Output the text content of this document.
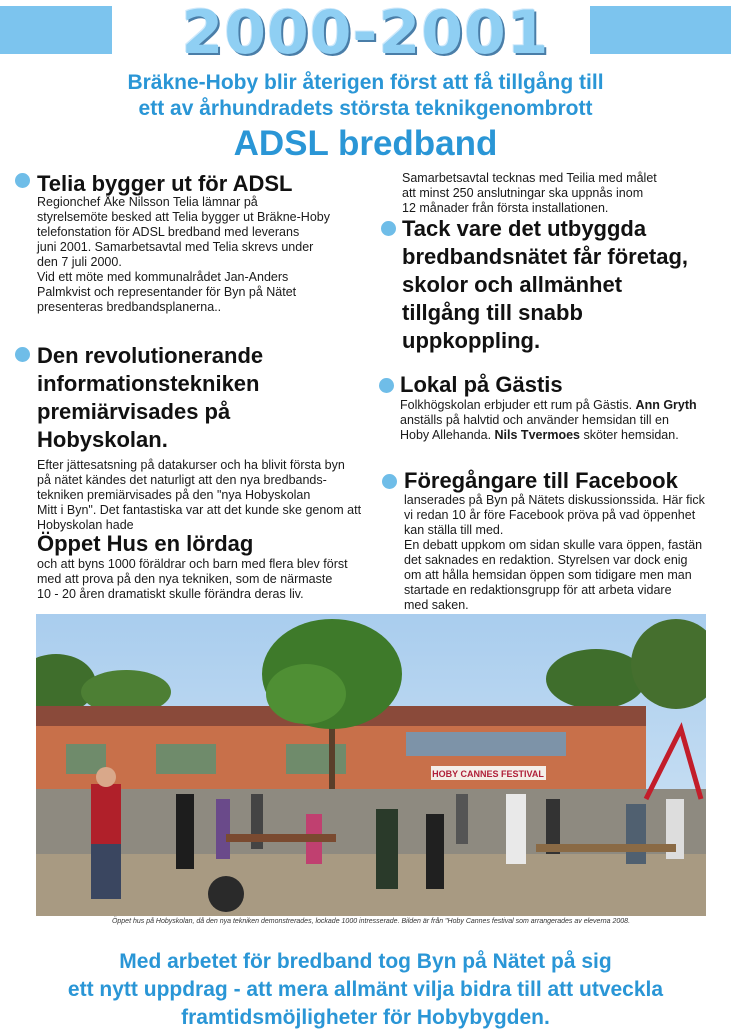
2000-2001
Bräkne-Hoby blir återigen först att få tillgång till
ett av århundradets största teknikgenombrott
ADSL bredband
Telia bygger ut för ADSL
Regionchef Åke Nilsson Telia lämnar på
styrelsemöte besked att Telia bygger ut Bräkne-Hoby
telefonstation för ADSL bredband med leverans
juni 2001. Samarbetsavtal med Telia skrevs under
den 7 juli 2000.
Vid ett möte med kommunalrådet Jan-Anders
Palmkvist och representander för Byn på Nätet
presenteras bredbandsplanerna..
Den revolutionerande
informationstekniken
premiärvisades på
Hobyskolan.
Efter jättesatsning på datakurser och ha blivit första byn
på nätet kändes det naturligt att den nya bredbands-
tekniken premiärvisades på den "nya Hobyskolan
Mitt i Byn". Det fantastiska var att det kunde ske genom att
Hobyskolan hade
Öppet Hus en lördag
och att byns 1000 föräldrar och barn med flera blev först
med att prova på den nya tekniken, som de närmaste
10 - 20 åren dramatiskt skulle förändra deras liv.
Samarbetsavtal tecknas med Teilia med målet
att minst 250 anslutningar ska uppnås inom
12 månader från första installationen.
Tack vare det utbyggda
bredbandsnätet får företag,
skolor och allmänhet
tillgång till snabb
uppkoppling.
Lokal på Gästis
Folkhögskolan erbjuder ett rum på Gästis. Ann Gryth
anställs på halvtid och använder hemsidan till en
Hoby Allehanda. Nils Tvermoes sköter hemsidan.
Föregångare till Facebook
lanserades på Byn på Nätets diskussionssida. Här fick
vi redan 10 år före Facebook pröva på vad öppenhet
kan ställa till med.
En debatt uppkom om sidan skulle vara öppen, fastän
det saknades en redaktion. Styrelsen var dock enig
om att hålla hemsidan öppen som tidigare men man
startade en redaktionsgrupp för att arbeta vidare
med saken.
HOBY CANNES FESTIVAL
Öppet hus på Hobyskolan, då den nya tekniken demonstrerades, lockade 1000 intresserade. Bilden är från "Hoby Cannes festival som arrangerades av eleverna 2008.
Med arbetet för bredband tog Byn på Nätet på sig
ett nytt uppdrag - att mera allmänt vilja bidra till att utveckla
framtidsmöjligheter för Hobybygden.
